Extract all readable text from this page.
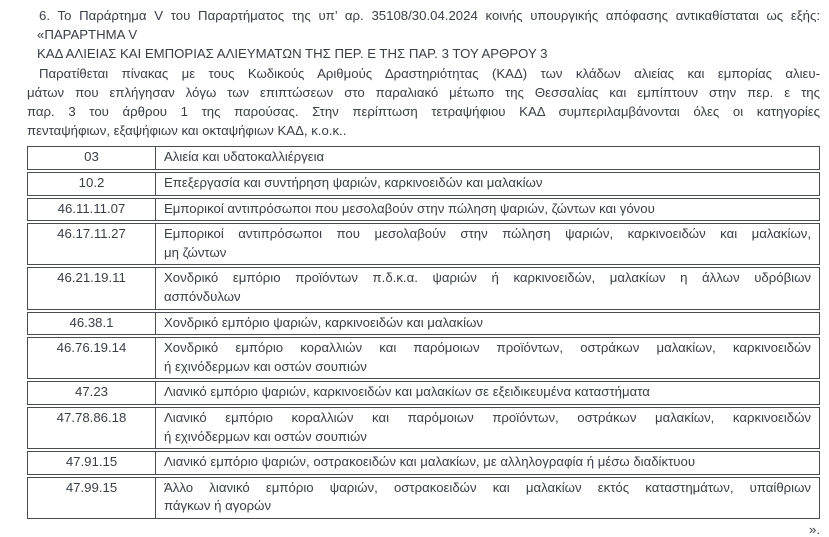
6. Το Παράρτημα V του Παραρτήματος της υπ’ αρ. 35108/30.04.2024 κοινής υπουργικής απόφασης αντικαθίσταται ως εξής:
«ΠΑΡΑΡΤΗΜΑ V
ΚΑΔ ΑΛΙΕΙΑΣ ΚΑΙ ΕΜΠΟΡΙΑΣ ΑΛΙΕΥΜΑΤΩΝ ΤΗΣ ΠΕΡ. Ε ΤΗΣ ΠΑΡ. 3 ΤΟΥ ΑΡΘΡΟΥ 3
Παρατίθεται πίνακας με τους Κωδικούς Αριθμούς Δραστηριότητας (ΚΑΔ) των κλάδων αλιείας και εμπορίας αλιευ-
μάτων που επλήγησαν λόγω των επιπτώσεων στο παραλιακό μέτωπο της Θεσσαλίας και εμπίπτουν στην περ. ε της
παρ. 3 του άρθρου 1 της παρούσας. Στην περίπτωση τετραψήφιου ΚΑΔ συμπεριλαμβάνονται όλες οι κατηγορίες
πενταψήφιων, εξαψήφιων και οκταψήφιων ΚΑΔ, κ.ο.κ..
03	Αλιεία και υδατοκαλλιέργεια

10.2	Επεξεργασία και συντήρηση ψαριών, καρκινοειδών και μαλακίων

46.11.11.07	Εμπορικοί αντιπρόσωποι που μεσολαβούν στην πώληση ψαριών, ζώντων και γόνου

46.17.11.27	Εμπορικοί αντιπρόσωποι που μεσολαβούν στην πώληση ψαριών, καρκινοειδών και μαλακίων,
μη ζώντων

46.21.19.11	Χονδρικό εμπόριο προϊόντων π.δ.κ.α. ψαριών ή καρκινοειδών, μαλακίων η άλλων υδρόβιων
ασπόνδυλων

46.38.1	Χονδρικό εμπόριο ψαριών, καρκινοειδών και μαλακίων

46.76.19.14	Χονδρικό εμπόριο κοραλλιών και παρόμοιων προϊόντων, οστράκων μαλακίων, καρκινοειδών
ή εχινόδερμων και οστών σουπιών

47.23	Λιανικό εμπόριο ψαριών, καρκινοειδών και μαλακίων σε εξειδικευμένα καταστήματα

47.78.86.18	Λιανικό εμπόριο κοραλλιών και παρόμοιων προϊόντων, οστράκων μαλακίων, καρκινοειδών
ή εχινόδερμων και οστών σουπιών

47.91.15	Λιανικό εμπόριο ψαριών, οστρακοειδών και μαλακίων, με αλληλογραφία ή μέσω διαδίκτυου

47.99.15	Άλλο λιανικό εμπόριο ψαριών, οστρακοειδών και μαλακίων εκτός καταστημάτων, υπαίθριων
πάγκων ή αγορών
».
